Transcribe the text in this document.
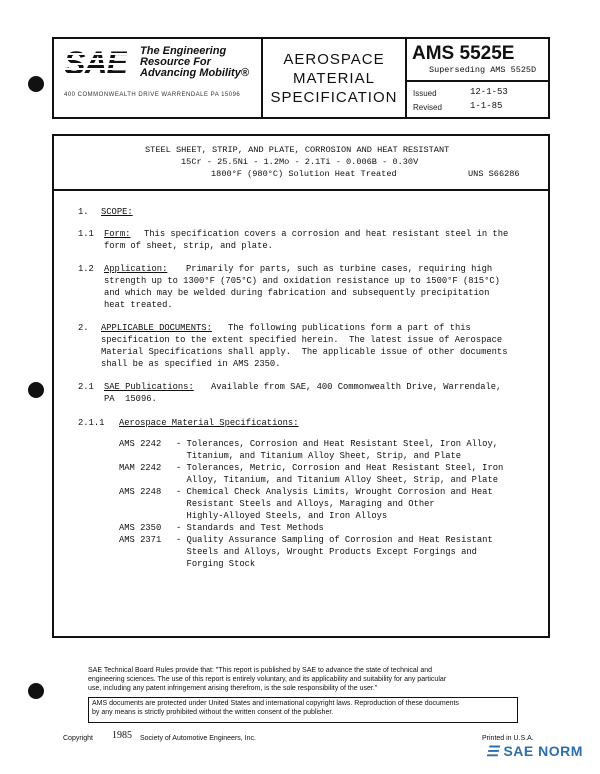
SAE The Engineering
Resource For
Advancing Mobility®
400 COMMONWEALTH DRIVE WARRENDALE PA 15096
AEROSPACE
MATERIAL
SPECIFICATION
AMS 5525E
Superseding AMS 5525D
Issued	12-1-53
Revised	1-1-85
STEEL SHEET, STRIP, AND PLATE, CORROSION AND HEAT RESISTANT
15Cr - 25.5Ni - 1.2Mo - 2.1Ti - 0.006B - 0.30V
1800°F (980°C) Solution Heat Treated	UNS S66286
1. SCOPE:
1.1 Form: This specification covers a corrosion and heat resistant steel in the
form of sheet, strip, and plate.
1.2 Application: Primarily for parts, such as turbine cases, requiring high
strength up to 1300°F (705°C) and oxidation resistance up to 1500°F (815°C)
and which may be welded during fabrication and subsequently precipitation
heat treated.
2. APPLICABLE DOCUMENTS: The following publications form a part of this
specification to the extent specified herein.  The latest issue of Aerospace
Material Specifications shall apply.  The applicable issue of other documents
shall be as specified in AMS 2350.
2.1 SAE Publications: Available from SAE, 400 Commonwealth Drive, Warrendale,
PA  15096.
2.1.1 Aerospace Material Specifications:
AMS 2242 - Tolerances, Corrosion and Heat Resistant Steel, Iron Alloy,
Titanium, and Titanium Alloy Sheet, Strip, and Plate
MAM 2242 - Tolerances, Metric, Corrosion and Heat Resistant Steel, Iron
Alloy, Titanium, and Titanium Alloy Sheet, Strip, and Plate
AMS 2248 - Chemical Check Analysis Limits, Wrought Corrosion and Heat
Resistant Steels and Alloys, Maraging and Other
Highly-Alloyed Steels, and Iron Alloys
AMS 2350 - Standards and Test Methods
AMS 2371 - Quality Assurance Sampling of Corrosion and Heat Resistant
Steels and Alloys, Wrought Products Except Forgings and
Forging Stock
SAE Technical Board Rules provide that: "This report is published by SAE to advance the state of technical and
engineering sciences. The use of this report is entirely voluntary, and its applicability and suitability for any particular
use, including any patent infringement arising therefrom, is the sole responsibility of the user."
AMS documents are protected under United States and international copyright laws. Reproduction of these documents
by any means is strictly prohibited without the written consent of the publisher.
Copyright 1985 Society of Automotive Engineers, Inc.	Printed in U.S.A.
☰ SAE NORM
